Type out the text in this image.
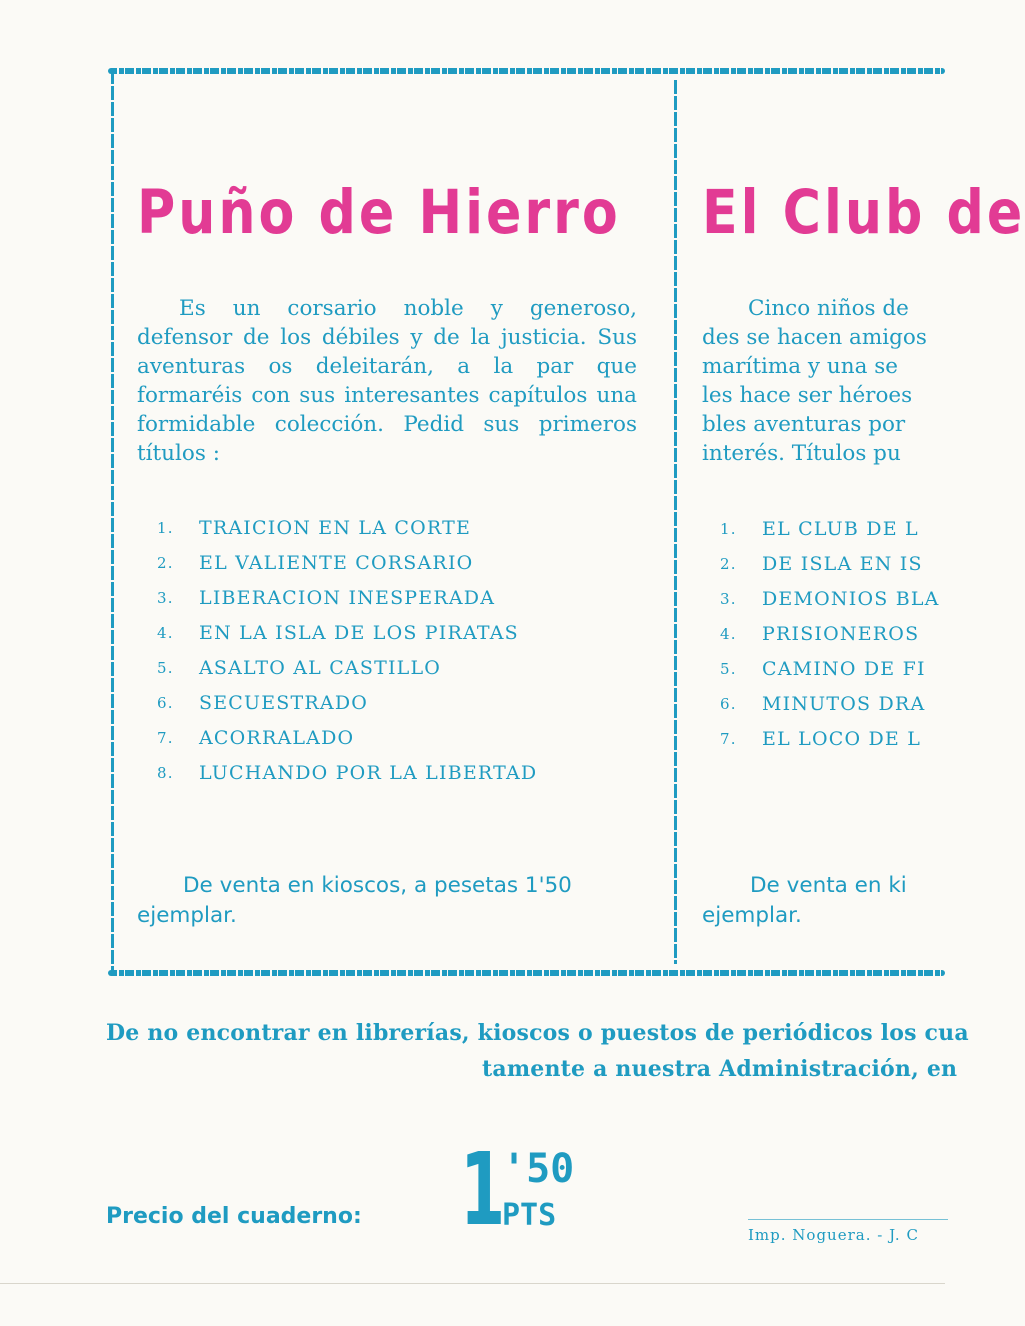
Puño de Hierro
Es un corsario noble y generoso, defensor de los débiles y de la justicia. Sus aventuras os deleitarán, a la par que formaréis con sus interesantes capítulos una formidable colección. Pedid sus primeros títulos :
1. TRAICION EN LA CORTE
2. EL VALIENTE CORSARIO
3. LIBERACION INESPERADA
4. EN LA ISLA DE LOS PIRATAS
5. ASALTO AL CASTILLO
6. SECUESTRADO
7. ACORRALADO
8. LUCHANDO POR LA LIBERTAD
De venta en kioscos, a pesetas 1'50 ejemplar.
El Club de
Cinco niños de
des se hacen amigos
marítima y una se
les hace ser héroes
bles aventuras por
interés. Títulos pu
1. EL CLUB DE L
2. DE ISLA EN IS
3. DEMONIOS BLA
4. PRISIONEROS
5. CAMINO DE FI
6. MINUTOS DRA
7. EL LOCO DE L
De venta en ki
ejemplar.
De no encontrar en librerías, kioscos o puestos de periódicos los cua
tamente a nuestra Administración, en
Precio del cuaderno: 1
'50
PTS
Imp. Noguera. - J. C
